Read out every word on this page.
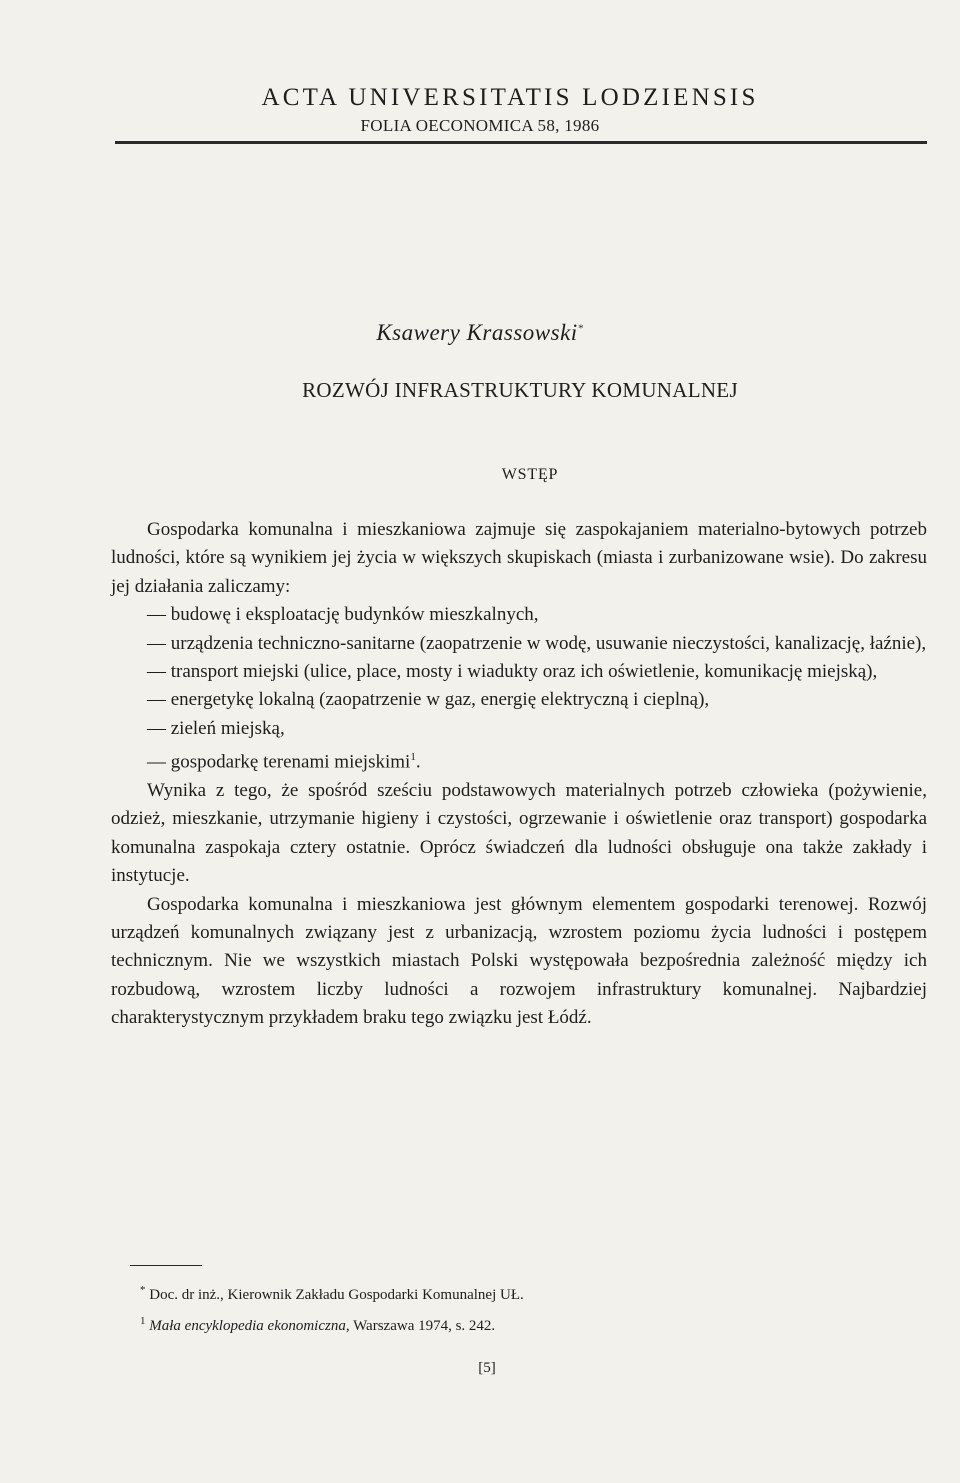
ACTA UNIVERSITATIS LODZIENSIS
FOLIA OECONOMICA 58, 1986
Ksawery Krassowski*
ROZWÓJ INFRASTRUKTURY KOMUNALNEJ
WSTĘP

Gospodarka komunalna i mieszkaniowa zajmuje się zaspokajaniem materialno-bytowych potrzeb ludności, które są wynikiem jej życia w większych skupiskach (miasta i zurbanizowane wsie). Do zakresu jej działania zaliczamy:

— budowę i eksploatację budynków mieszkalnych,

— urządzenia techniczno-sanitarne (zaopatrzenie w wodę, usuwanie nieczystości, kanalizację, łaźnie),

— transport miejski (ulice, place, mosty i wiadukty oraz ich oświetlenie, komunikację miejską),

— energetykę lokalną (zaopatrzenie w gaz, energię elektryczną i cieplną),

— zieleń miejską,

— gospodarkę terenami miejskimi$^1$.

Wynika z tego, że spośród sześciu podstawowych materialnych potrzeb człowieka (pożywienie, odzież, mieszkanie, utrzymanie higieny i czystości, ogrzewanie i oświetlenie oraz transport) gospodarka komunalna zaspokaja cztery ostatnie. Oprócz świadczeń dla ludności obsługuje ona także zakłady i instytucje.

Gospodarka komunalna i mieszkaniowa jest głównym elementem gospodarki terenowej. Rozwój urządzeń komunalnych związany jest z urbanizacją, wzrostem poziomu życia ludności i postępem technicznym. Nie we wszystkich miastach Polski występowała bezpośrednia zależność między ich rozbudową, wzrostem liczby ludności a rozwojem infrastruktury komunalnej. Najbardziej charakterystycznym przykładem braku tego związku jest Łódź.

* Doc. dr inż., Kierownik Zakładu Gospodarki Komunalnej UŁ.

$^1$ Mała encyklopedia ekonomiczna, Warszawa 1974, s. 242.

[5]
